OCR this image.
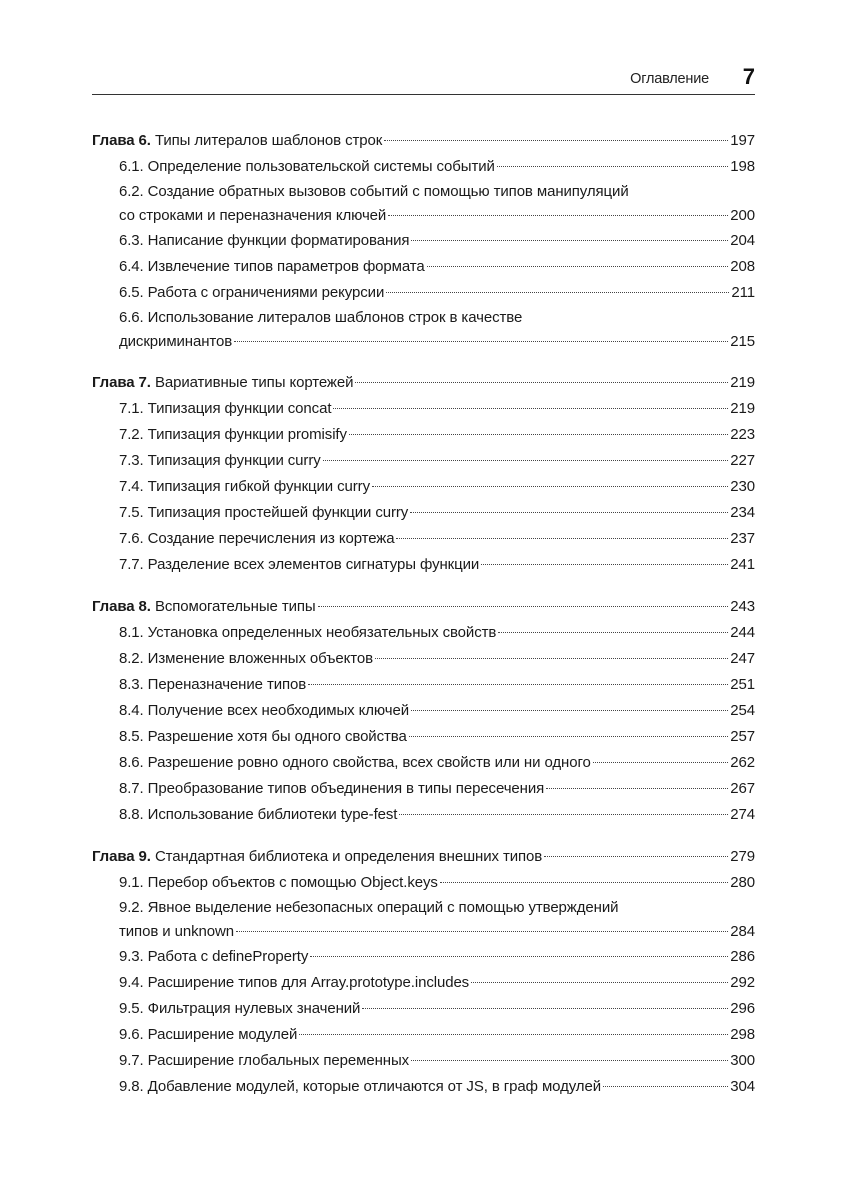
Оглавление 7
Глава 6. Типы литералов шаблонов строк	197
6.1. Определение пользовательской системы событий	198
6.2. Создание обратных вызовов событий с помощью типов манипуляций
со строками и переназначения ключей	200
6.3. Написание функции форматирования	204
6.4. Извлечение типов параметров формата	208
6.5. Работа с ограничениями рекурсии	211
6.6. Использование литералов шаблонов строк в качестве
дискриминантов	215
Глава 7. Вариативные типы кортежей	219
7.1. Типизация функции concat	219
7.2. Типизация функции promisify	223
7.3. Типизация функции curry	227
7.4. Типизация гибкой функции curry	230
7.5. Типизация простейшей функции curry	234
7.6. Создание перечисления из кортежа	237
7.7. Разделение всех элементов сигнатуры функции	241
Глава 8. Вспомогательные типы	243
8.1. Установка определенных необязательных свойств	244
8.2. Изменение вложенных объектов	247
8.3. Переназначение типов	251
8.4. Получение всех необходимых ключей	254
8.5. Разрешение хотя бы одного свойства	257
8.6. Разрешение ровно одного свойства, всех свойств или ни одного	262
8.7. Преобразование типов объединения в типы пересечения	267
8.8. Использование библиотеки type-fest	274
Глава 9. Стандартная библиотека и определения внешних типов	279
9.1. Перебор объектов с помощью Object.keys	280
9.2. Явное выделение небезопасных операций с помощью утверждений
типов и unknown	284
9.3. Работа с defineProperty	286
9.4. Расширение типов для Array.prototype.includes	292
9.5. Фильтрация нулевых значений	296
9.6. Расширение модулей	298
9.7. Расширение глобальных переменных	300
9.8. Добавление модулей, которые отличаются от JS, в граф модулей	304
